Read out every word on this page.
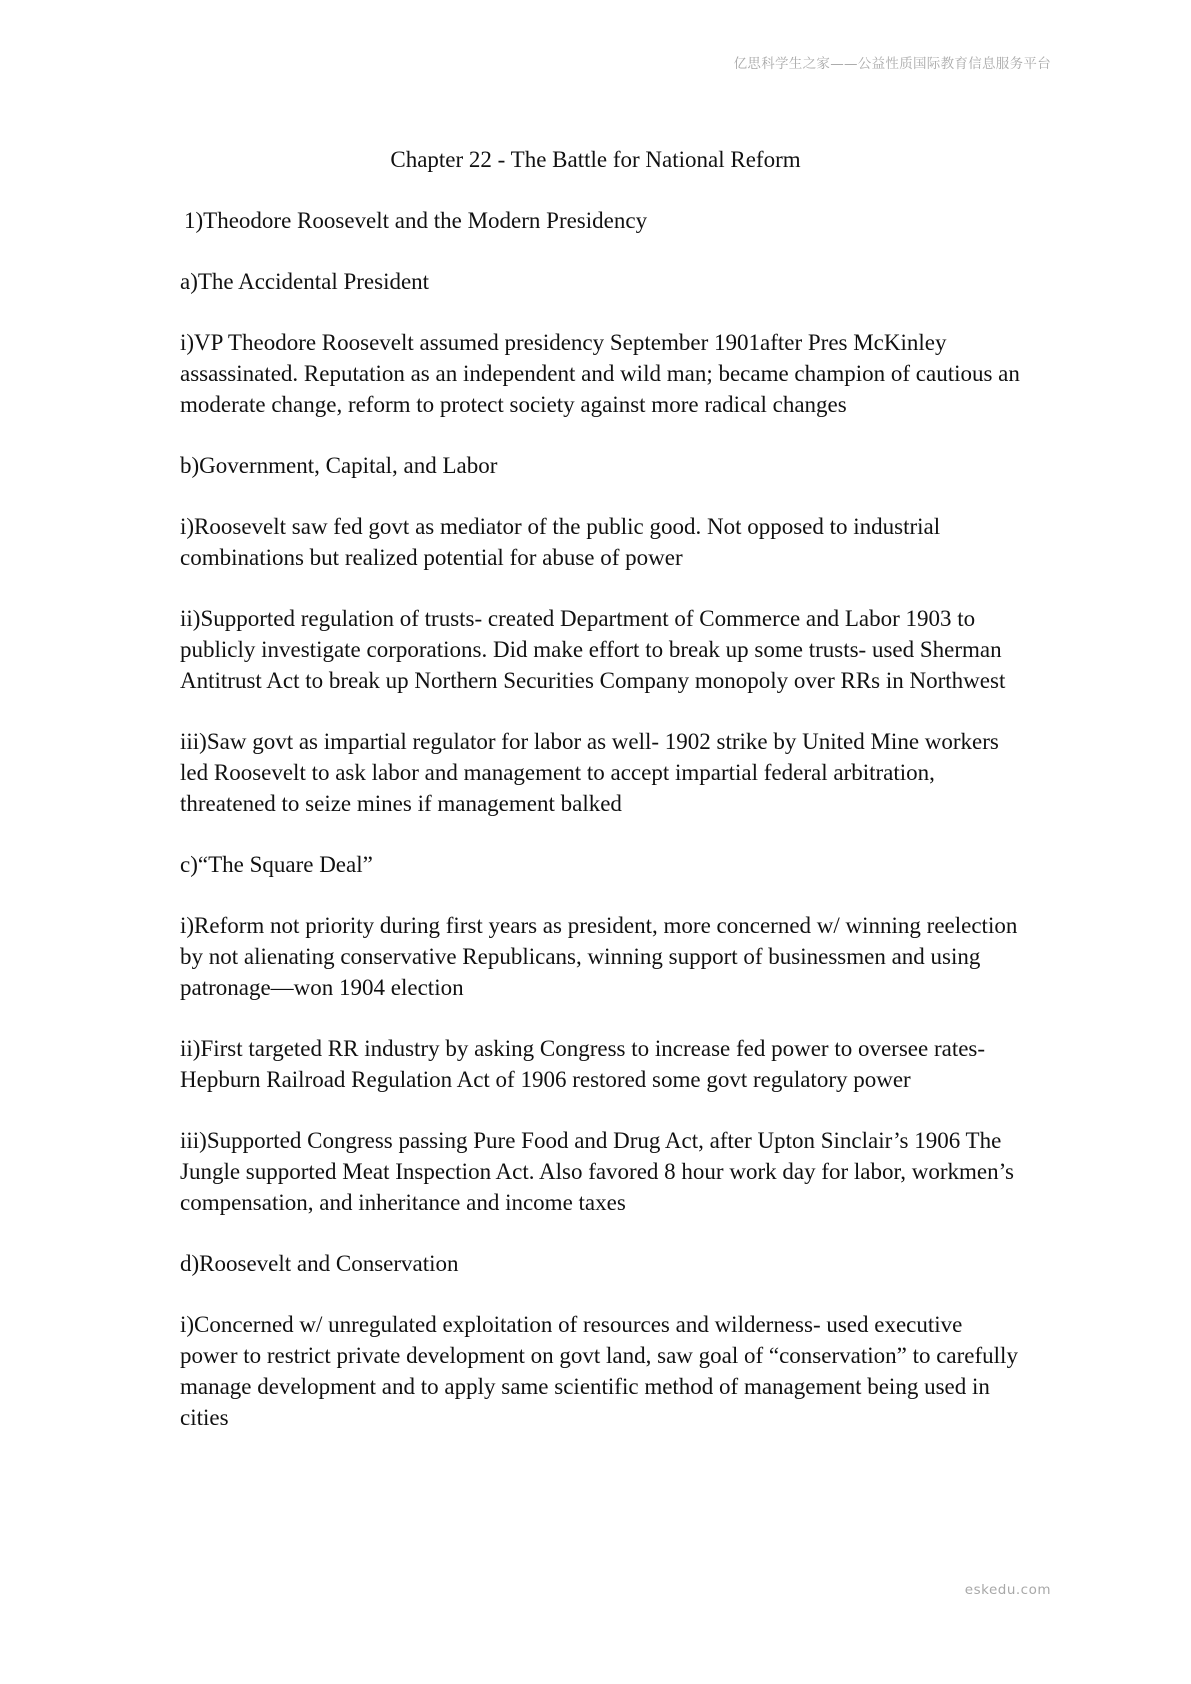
亿思科学生之家——公益性质国际教育信息服务平台
Chapter 22 - The Battle for National Reform

1)Theodore Roosevelt and the Modern Presidency

a)The Accidental President

i)VP Theodore Roosevelt assumed presidency September 1901after Pres McKinley assassinated. Reputation as an independent and wild man; became champion of cautious an moderate change, reform to protect society against more radical changes

b)Government, Capital, and Labor

i)Roosevelt saw fed govt as mediator of the public good. Not opposed to industrial combinations but realized potential for abuse of power

ii)Supported regulation of trusts- created Department of Commerce and Labor 1903 to publicly investigate corporations. Did make effort to break up some trusts- used Sherman Antitrust Act to break up Northern Securities Company monopoly over RRs in Northwest

iii)Saw govt as impartial regulator for labor as well- 1902 strike by United Mine workers led Roosevelt to ask labor and management to accept impartial federal arbitration, threatened to seize mines if management balked

c)“The Square Deal”

i)Reform not priority during first years as president, more concerned w/ winning reelection by not alienating conservative Republicans, winning support of businessmen and using patronage—won 1904 election

ii)First targeted RR industry by asking Congress to increase fed power to oversee rates- Hepburn Railroad Regulation Act of 1906 restored some govt regulatory power

iii)Supported Congress passing Pure Food and Drug Act, after Upton Sinclair’s 1906 The Jungle supported Meat Inspection Act. Also favored 8 hour work day for labor, workmen’s compensation, and inheritance and income taxes

d)Roosevelt and Conservation

i)Concerned w/ unregulated exploitation of resources and wilderness- used executive power to restrict private development on govt land, saw goal of “conservation” to carefully manage development and to apply same scientific method of management being used in cities

eskedu.com
